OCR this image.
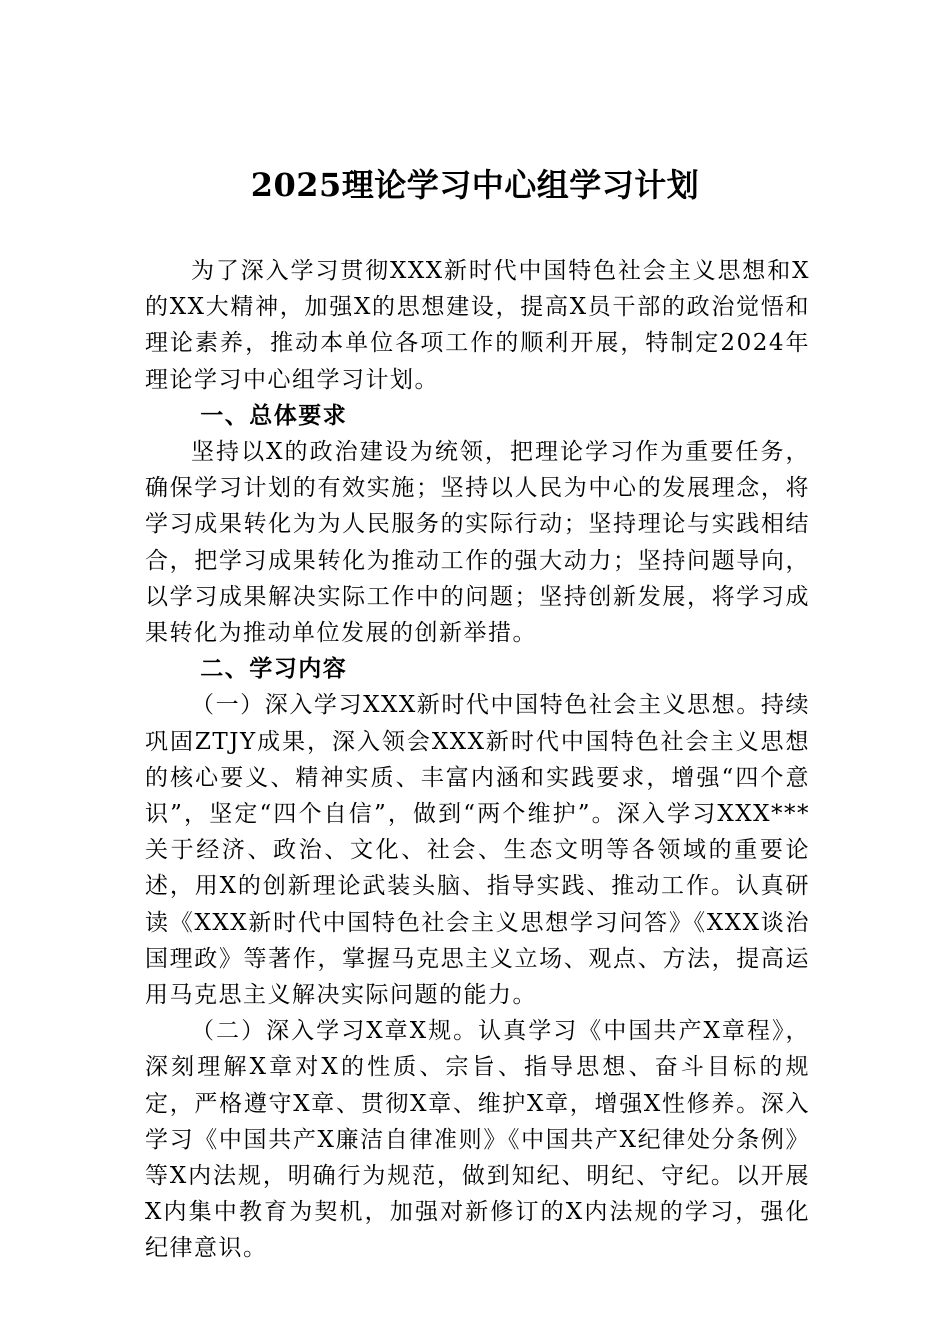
2025理论学习中心组学习计划

为了深入学习贯彻XXX新时代中国特色社会主义思想和X的XX大精神，加强X的思想建设，提高X员干部的政治觉悟和理论素养，推动本单位各项工作的顺利开展，特制定2024年理论学习中心组学习计划。

一、总体要求

坚持以X的政治建设为统领，把理论学习作为重要任务，确保学习计划的有效实施；坚持以人民为中心的发展理念，将学习成果转化为为人民服务的实际行动；坚持理论与实践相结合，把学习成果转化为推动工作的强大动力；坚持问题导向，以学习成果解决实际工作中的问题；坚持创新发展，将学习成果转化为推动单位发展的创新举措。

二、学习内容

（一）深入学习XXX新时代中国特色社会主义思想。持续巩固ZTJY成果，深入领会XXX新时代中国特色社会主义思想的核心要义、精神实质、丰富内涵和实践要求，增强“四个意识”，坚定“四个自信”，做到“两个维护”。深入学习XXX***关于经济、政治、文化、社会、生态文明等各领域的重要论述，用X的创新理论武装头脑、指导实践、推动工作。认真研读《XXX新时代中国特色社会主义思想学习问答》《XXX谈治国理政》等著作，掌握马克思主义立场、观点、方法，提高运用马克思主义解决实际问题的能力。

（二）深入学习X章X规。认真学习《中国共产X章程》，深刻理解X章对X的性质、宗旨、指导思想、奋斗目标的规定，严格遵守X章、贯彻X章、维护X章，增强X性修养。深入学习《中国共产X廉洁自律准则》《中国共产X纪律处分条例》等X内法规，明确行为规范，做到知纪、明纪、守纪。以开展X内集中教育为契机，加强对新修订的X内法规的学习，强化纪律意识。
